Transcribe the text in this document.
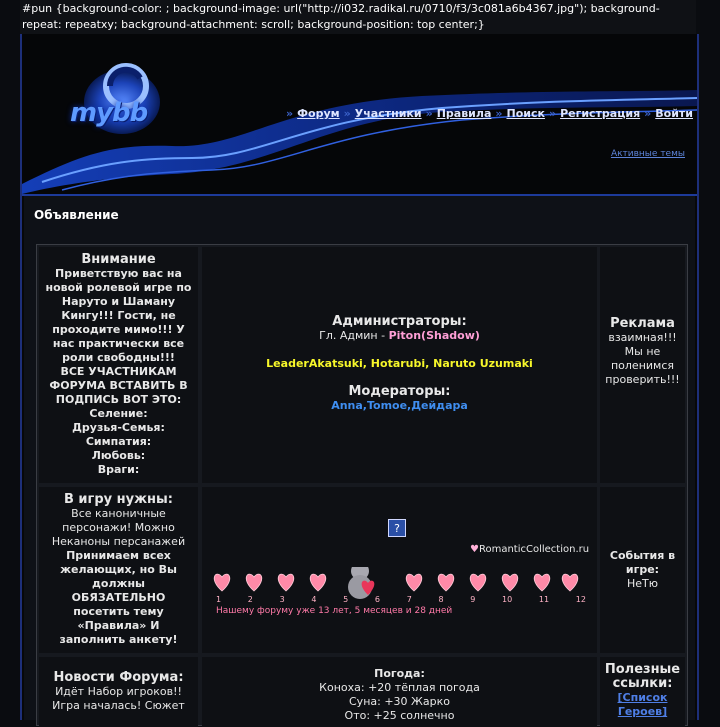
#pun {background-color: ; background-image: url("http://i032.radikal.ru/0710/f3/3c081a6b4367.jpg"); background-repeat: repeatxy; background-attachment: scroll; background-position: top center;}
mybb	» Форум » Участники » Правила » Поиск » Регистрация » Войти
Активные темы
Объявление
Внимание
Приветствую вас на
новой ролевой игре по
Наруто и Шаману
Кингу!!! Гости, не
проходите мимо!!! У
нас практически все
роли свободны!!!
ВСЕ УЧАСТНИКАМ
ФОРУМА ВСТАВИТЬ В
ПОДПИСЬ ВОТ ЭТО:
Селение:
Друзья-Семья:
Симпатия:
Любовь:
Враги:
Администраторы:
Гл. Админ - Piton(Shadow)
LeaderAkatsuki, Hotarubi, Naruto Uzumaki
Модераторы:
Anna,Tomoe,Дейдара
Реклама
взаимная!!!
Мы не
поленимся
проверить!!!
В игру нужны:
Все каноничные
персонажи! Можно
Неканоны персанажей
Принимаем всех
желающих, но Вы
должны
ОБЯЗАТЕЛЬНО
посетить тему
«Правила» И
заполнить анкету!
?
♥RomanticCollection.ru
1	2	3	4	5	6	7	8	9	10	11	12
Нашему форуму уже 13 лет, 5 месяцев и 28 дней
События в игре:
НеТю
Новости Форума:
Идёт Набор игроков!!
Игра началась! Сюжет
Погода:
Коноха: +20 тёплая погода
Суна: +30 Жарко
Ото: +25 солнечно
Полезные ссылки:
[Список Героев]
